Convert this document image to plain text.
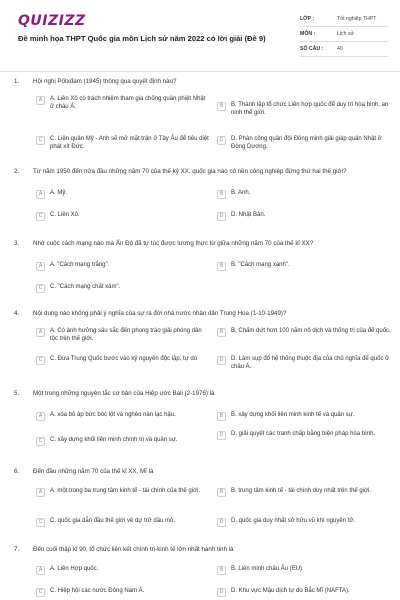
QUIZIZZ
Đề minh họa THPT Quốc gia môn Lịch sử năm 2022 có lời giải (Đề 9)
LỚP :	Tốt nghiệp THPT
MÔN :	Lịch sử
SỐ CÂU :	40
1. Hội nghị Pốtxđam (1945) thông qua quyết định nào?
A	A. Liên Xô có trách nhiệm tham gia chống quân phiệt Nhật ở châu Á.	B	B. Thành lập tổ chức Liên hợp quốc để duy trì hòa bình, an ninh thế giới.
C	C. Liên quân Mỹ - Anh sẽ mở mặt trận ở Tây Âu để tiêu diệt phát xít Đức.
D	D. Phân công quân đội Đồng minh giải giáp quân Nhật ở Đông Dương.
2. Từ năm 1950 đến nửa đầu những năm 70 của thế kỷ XX, quốc gia nào có nền công nghiệp đứng thứ hai thế giới?
A	A. Mỹ.	B	B. Anh.
C	C. Liên Xô.	D	D. Nhật Bản.
3. Nhờ cuộc cách mạng nào mà Ấn Độ đã tự túc được lương thực từ giữa những năm 70 của thế kỉ XX?
A	A. "Cách mạng trắng".	B	B. "Cách mạng xanh".
C	C. "Cách mạng chất xám".
4. Nội dung nào không phải ý nghĩa của sự ra đời nhà nước nhân dân Trung Hoa (1-10-1949)?
A	A. Có ảnh hưởng sâu sắc đến phong trào giải phóng dân tộc trên thế giới.
B	B. Chấm dứt hơn 100 năm nô dịch và thống trị của đế quốc.
C	C. Đưa Trung Quốc bước vào kỷ nguyên độc lập, tự do	D	D. Làm sụp đổ hệ thống thuộc địa của chủ nghĩa đế quốc ở châu Á.
5. Một trong những nguyên tắc cơ bản của Hiệp ước Bali (2-1976) là
A	A. xóa bỏ áp bức bóc lột và nghèo nàn lạc hậu.	B	B. xây dựng khối liên minh kinh tế và quân sự.
C	C. xây dựng khối liên minh chính trị và quân sự.
D	D. giải quyết các tranh chấp bằng biện pháp hòa bình.
6. Đến đầu những năm 70 của thế kỉ XX, Mĩ là
A	A. một trong ba trung tâm kinh tế - tài chính của thế giới.	B	B. trung tâm kinh tế - tài chính duy nhất trên thế giới.
C	C. quốc gia dẫn đầu thế giới về dự trữ dầu mỏ.	D	D. quốc gia duy nhất sở hữu vũ khí nguyên tử.
7. Đến cuối thập kỉ 90, tổ chức liên kết chính trị-kinh tế lớn nhất hành tinh là
A	A. Liên Hợp quốc.	B	B. Liên minh châu Âu (EU).
C	C. Hiệp hội các nước Đông Nam Á.	D	D. Khu vực Mậu dịch tự do Bắc Mĩ (NAFTA).
